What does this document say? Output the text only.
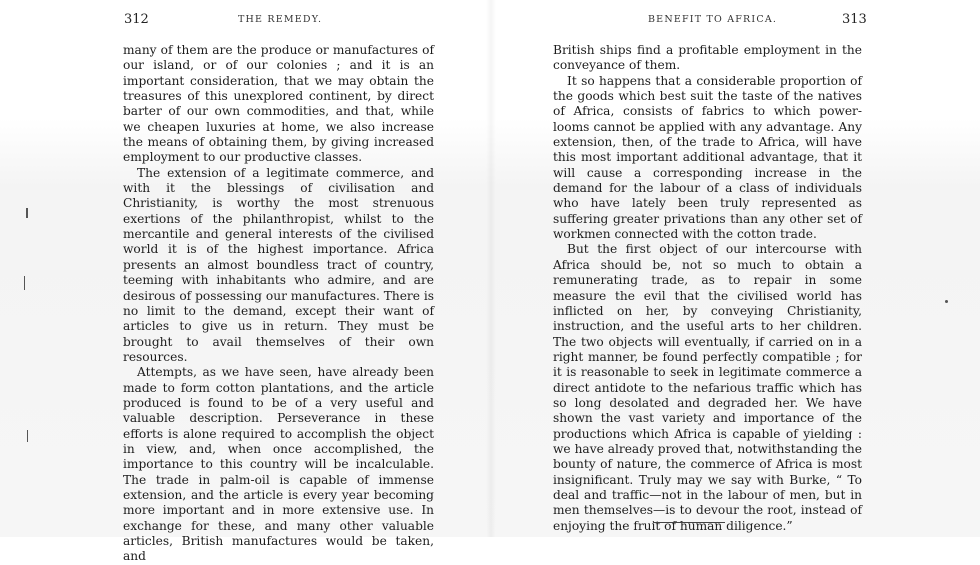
312	THE REMEDY.

many of them are the produce or manufactures of our island, or of our colonies ; and it is an important consideration, that we may obtain the treasures of this unexplored continent, by direct barter of our own commodities, and that, while we cheapen luxuries at home, we also increase the means of obtaining them, by giving increased employment to our productive classes.

The extension of a legitimate commerce, and with it the blessings of civilisation and Christianity, is worthy the most strenuous exertions of the philanthropist, whilst to the mercantile and general interests of the civilised world it is of the highest importance. Africa presents an almost boundless tract of country, teeming with inhabitants who admire, and are desirous of possessing our manufactures. There is no limit to the demand, except their want of articles to give us in return. They must be brought to avail themselves of their own resources.

Attempts, as we have seen, have already been made to form cotton plantations, and the article produced is found to be of a very useful and valuable description. Perseverance in these efforts is alone required to accomplish the object in view, and, when once accomplished, the importance to this country will be incalculable. The trade in palm-oil is capable of immense extension, and the article is every year becoming more important and in more extensive use. In exchange for these, and many other valuable articles, British manufactures would be taken, and

BENEFIT TO AFRICA.	313

British ships find a profitable employment in the conveyance of them.

It so happens that a considerable proportion of the goods which best suit the taste of the natives of Africa, consists of fabrics to which power-looms cannot be applied with any advantage. Any extension, then, of the trade to Africa, will have this most important additional advantage, that it will cause a corresponding increase in the demand for the labour of a class of individuals who have lately been truly represented as suffering greater privations than any other set of workmen connected with the cotton trade.

But the first object of our intercourse with Africa should be, not so much to obtain a remunerating trade, as to repair in some measure the evil that the civilised world has inflicted on her, by conveying Christianity, instruction, and the useful arts to her children. The two objects will eventually, if carried on in a right manner, be found perfectly compatible ; for it is reasonable to seek in legitimate commerce a direct antidote to the nefarious traffic which has so long desolated and degraded her. We have shown the vast variety and importance of the productions which Africa is capable of yielding : we have already proved that, notwithstanding the bounty of nature, the commerce of Africa is most insignificant. Truly may we say with Burke, “ To deal and traffic—not in the labour of men, but in men themselves—is to devour the root, instead of enjoying the fruit of human diligence.”
